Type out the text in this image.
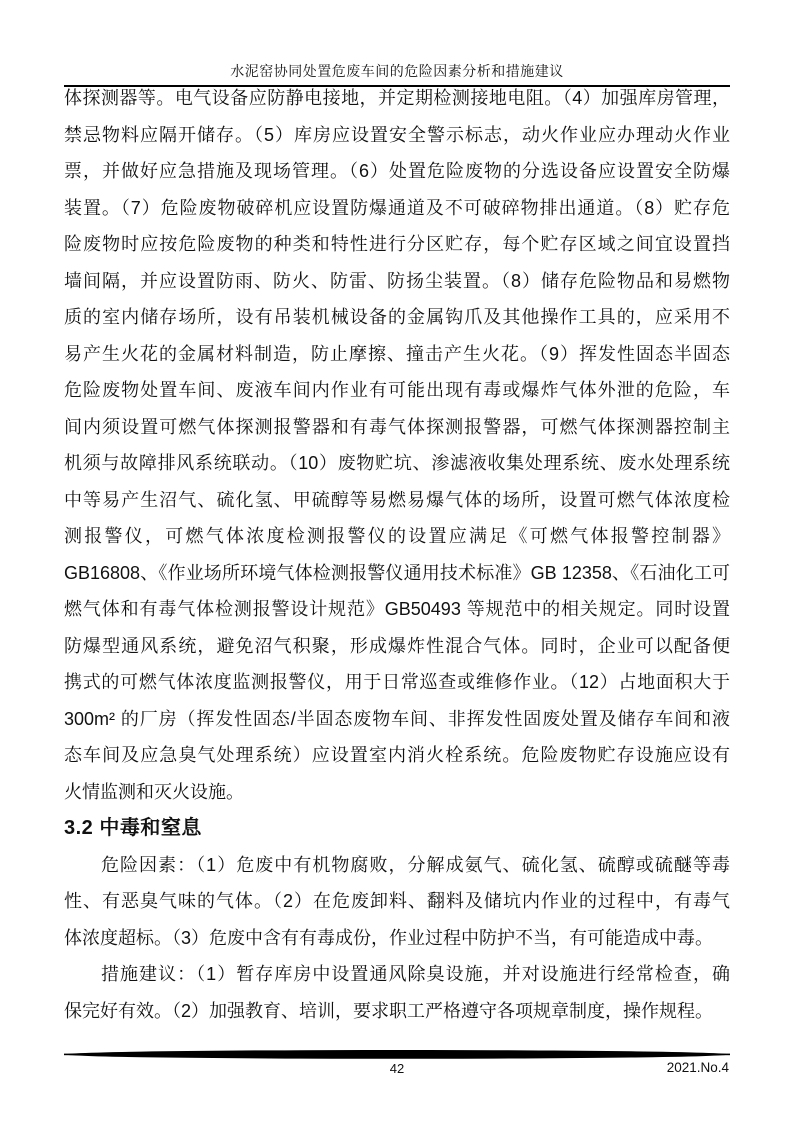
水泥窑协同处置危废车间的危险因素分析和措施建议
体探测器等。电气设备应防静电接地，并定期检测接地电阻。（4）加强库房管理，
禁忌物料应隔开储存。（5）库房应设置安全警示标志，动火作业应办理动火作业
票，并做好应急措施及现场管理。（6）处置危险废物的分选设备应设置安全防爆
装置。（7）危险废物破碎机应设置防爆通道及不可破碎物排出通道。（8）贮存危
险废物时应按危险废物的种类和特性进行分区贮存，每个贮存区域之间宜设置挡
墙间隔，并应设置防雨、防火、防雷、防扬尘装置。（8）储存危险物品和易燃物
质的室内储存场所，设有吊装机械设备的金属钩爪及其他操作工具的，应采用不
易产生火花的金属材料制造，防止摩擦、撞击产生火花。（9）挥发性固态半固态
危险废物处置车间、废液车间内作业有可能出现有毒或爆炸气体外泄的危险，车
间内须设置可燃气体探测报警器和有毒气体探测报警器，可燃气体探测器控制主
机须与故障排风系统联动。（10）废物贮坑、渗滤液收集处理系统、废水处理系统
中等易产生沼气、硫化氢、甲硫醇等易燃易爆气体的场所，设置可燃气体浓度检
测报警仪，可燃气体浓度检测报警仪的设置应满足《可燃气体报警控制器》
GB16808、《作业场所环境气体检测报警仪通用技术标准》GB 12358、《石油化工可
燃气体和有毒气体检测报警设计规范》GB50493 等规范中的相关规定。同时设置
防爆型通风系统，避免沼气积聚，形成爆炸性混合气体。同时，企业可以配备便
携式的可燃气体浓度监测报警仪，用于日常巡查或维修作业。（12）占地面积大于
300m² 的厂房（挥发性固态/半固态废物车间、非挥发性固废处置及储存车间和液
态车间及应急臭气处理系统）应设置室内消火栓系统。危险废物贮存设施应设有
火情监测和灭火设施。
3.2 中毒和窒息
危险因素：（1）危废中有机物腐败，分解成氨气、硫化氢、硫醇或硫醚等毒
性、有恶臭气味的气体。（2）在危废卸料、翻料及储坑内作业的过程中，有毒气
体浓度超标。（3）危废中含有有毒成份，作业过程中防护不当，有可能造成中毒。
措施建议：（1）暂存库房中设置通风除臭设施，并对设施进行经常检查，确
保完好有效。（2）加强教育、培训，要求职工严格遵守各项规章制度，操作规程。
42	2021.No.4
